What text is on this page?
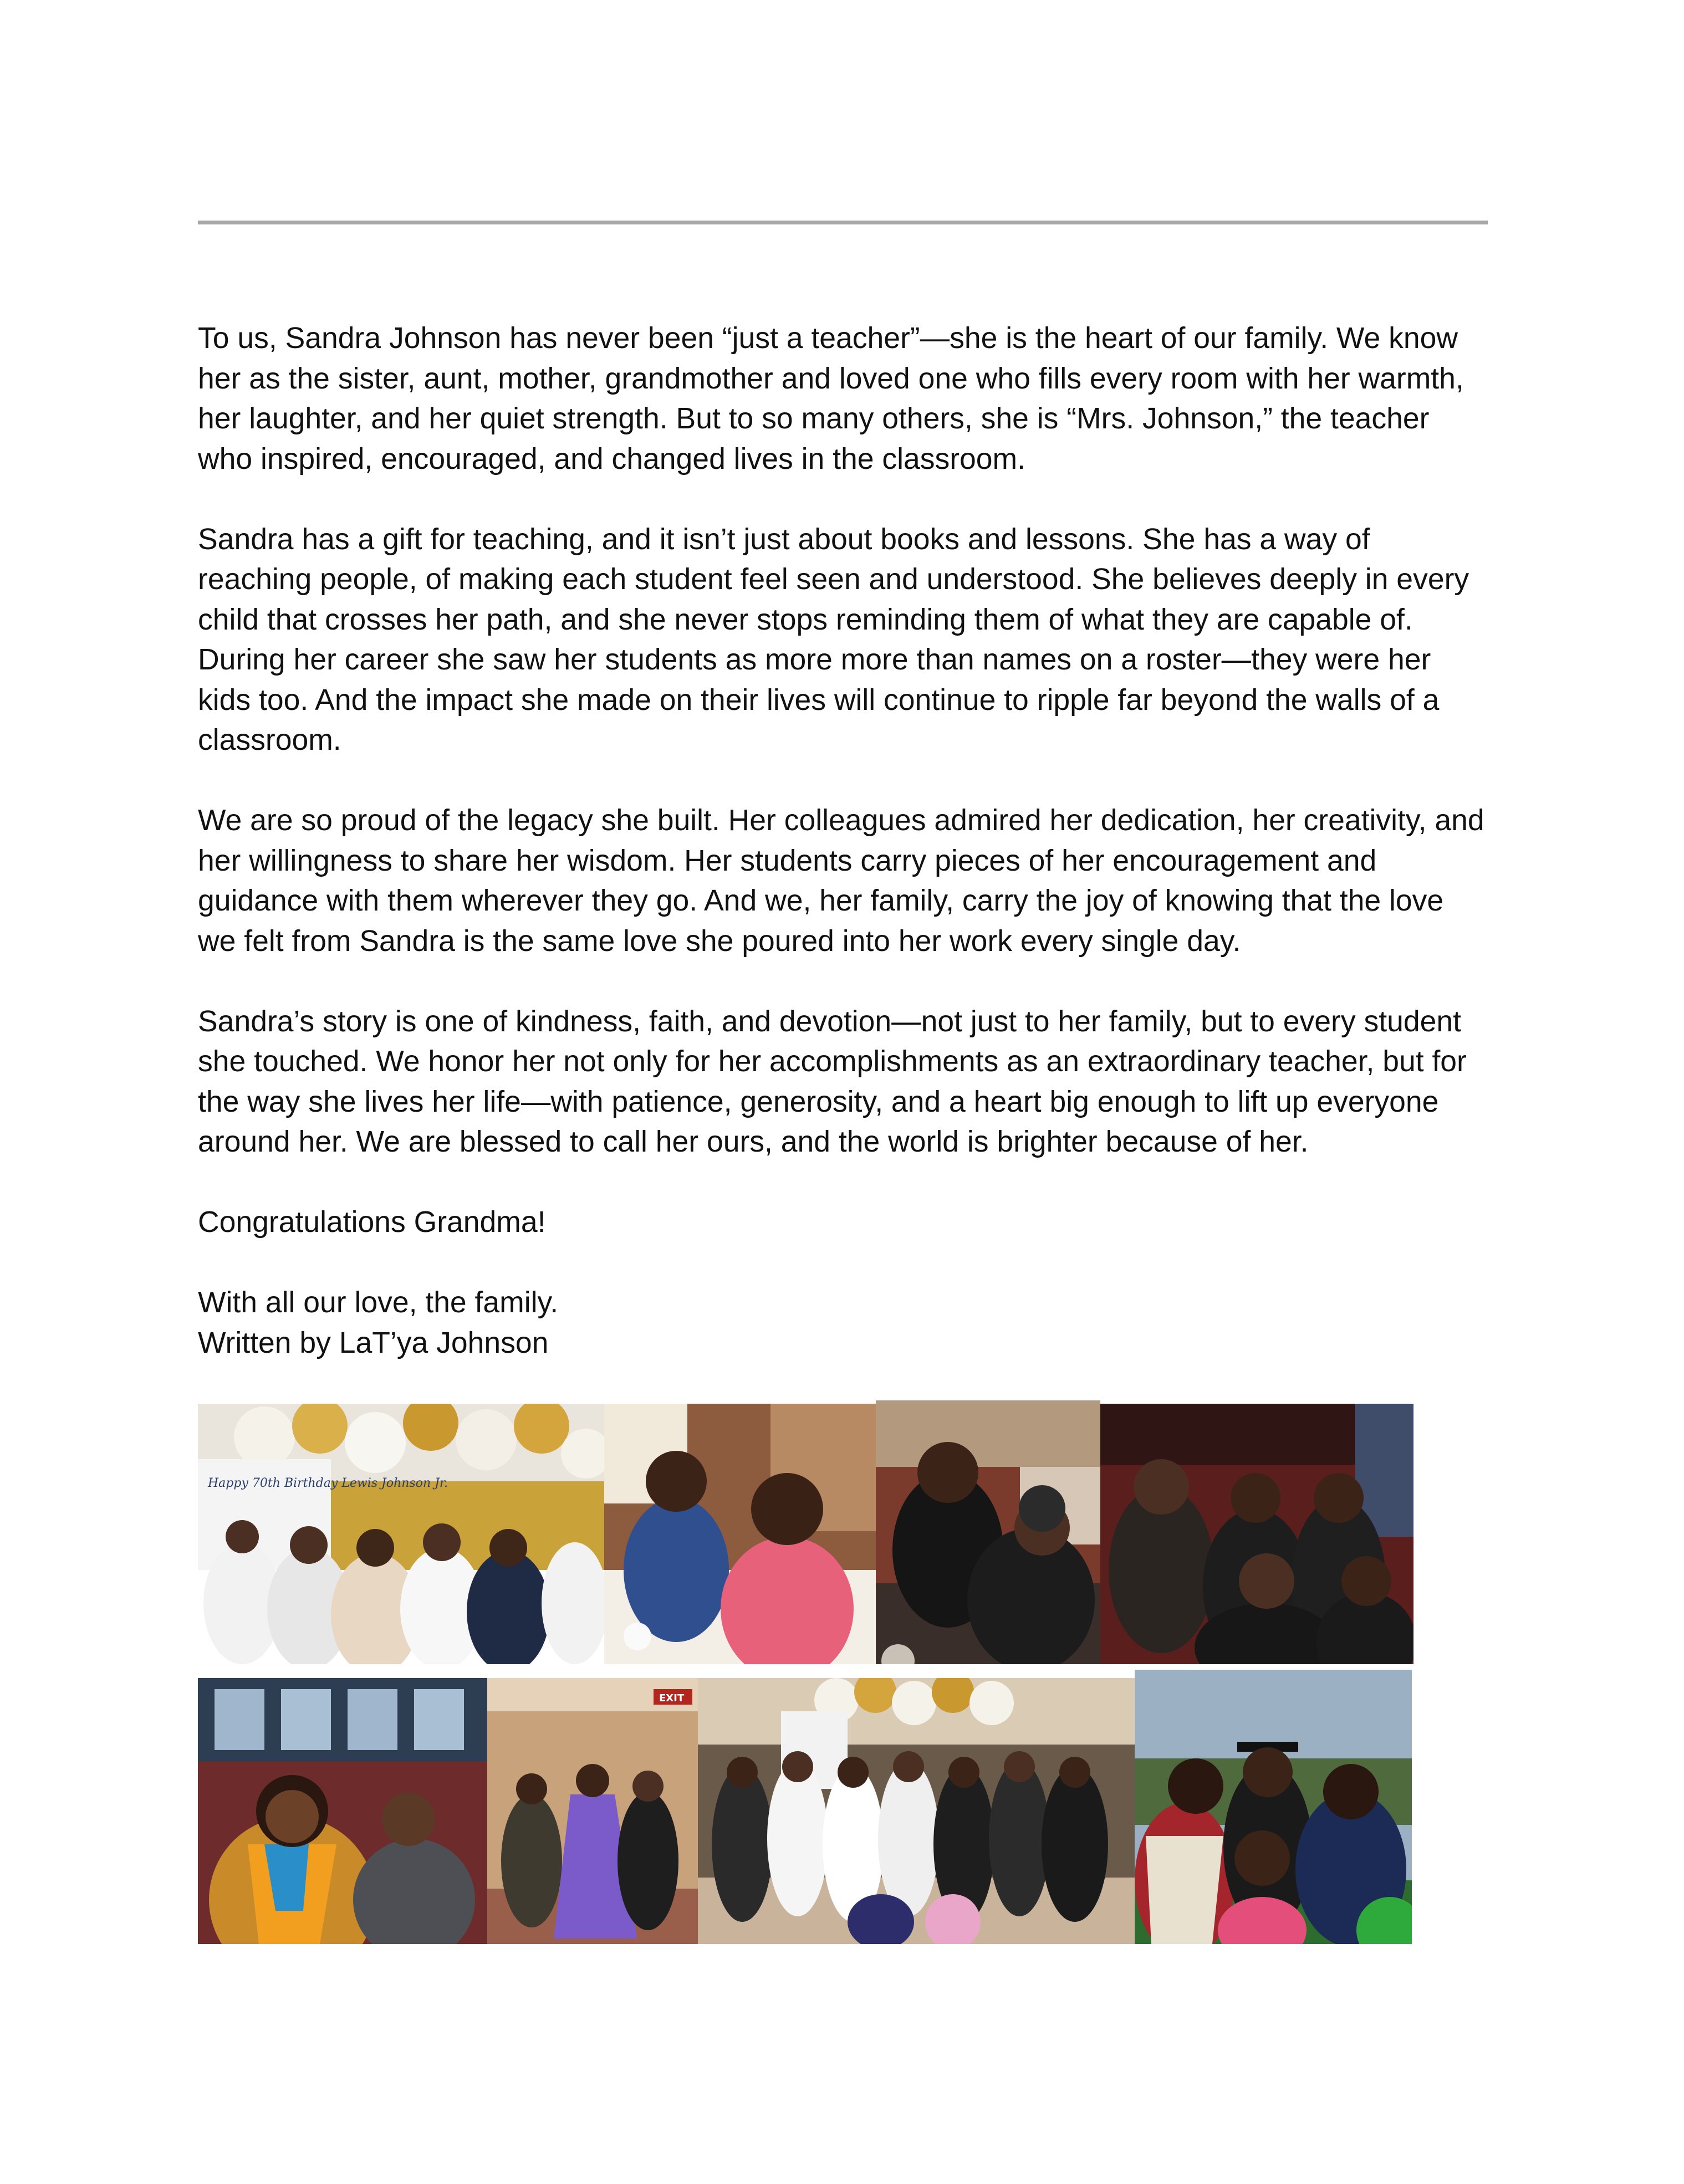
To us, Sandra Johnson has never been “just a teacher”—she is the heart of our family. We know her as the sister, aunt, mother, grandmother and loved one who fills every room with her warmth, her laughter, and her quiet strength. But to so many others, she is “Mrs. Johnson,” the teacher who inspired, encouraged, and changed lives in the classroom.

Sandra has a gift for teaching, and it isn’t just about books and lessons. She has a way of reaching people, of making each student feel seen and understood. She believes deeply in every child that crosses her path, and she never stops reminding them of what they are capable of. During her career she saw her students as more more than names on a roster—they were her kids too. And the impact she made on their lives will continue to ripple far beyond the walls of a classroom.

We are so proud of the legacy she built. Her colleagues admired her dedication, her creativity, and her willingness to share her wisdom. Her students carry pieces of her encouragement and guidance with them wherever they go. And we, her family, carry the joy of knowing that the love we felt from Sandra is the same love she poured into her work every single day.

Sandra’s story is one of kindness, faith, and devotion—not just to her family, but to every student she touched. We honor her not only for her accomplishments as an extraordinary teacher, but for the way she lives her life—with patience, generosity, and a heart big enough to lift up everyone around her. We are blessed to call her ours, and the world is brighter because of her.

Congratulations Grandma!

With all our love, the family.

Written by LaT’ya Johnson

Happy 70th Birthday Lewis Johnson Jr.
EXIT
